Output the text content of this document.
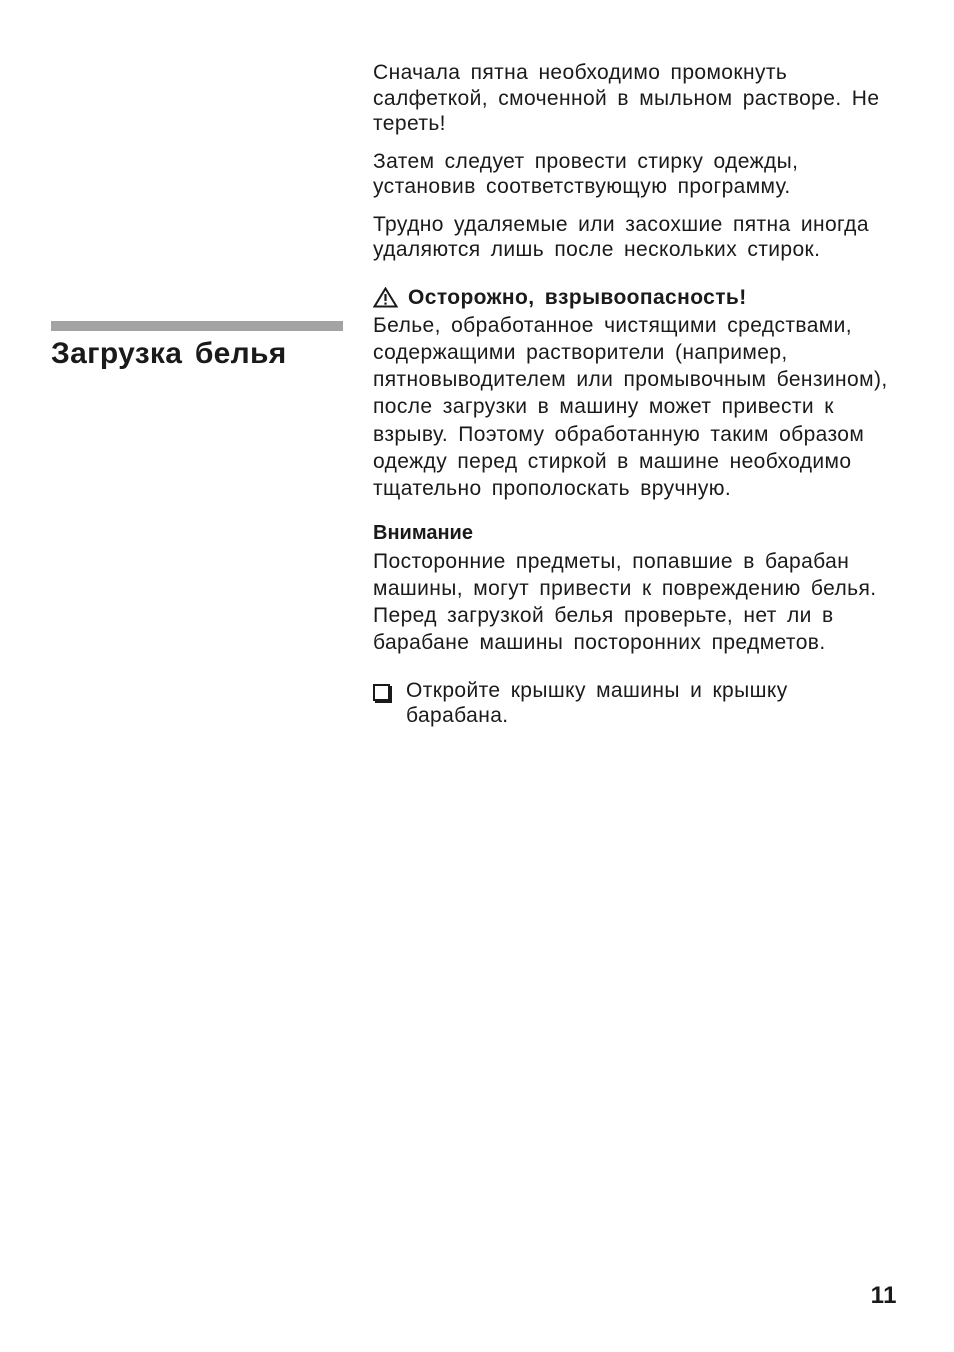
Сначала пятна необходимо промокнуть салфеткой, смоченной в мыльном растворе. Не тереть!

Затем следует провести стирку одежды, установив соответствующую программу.

Трудно удаляемые или засохшие пятна иногда удаляются лишь после нескольких стирок.

Осторожно, взрывоопасность!
Белье, обработанное чистящими средствами, содержащими растворители (например, пятновыводителем или промывочным бензином), после загрузки в машину может привести к взрыву. Поэтому обработанную таким образом одежду перед стиркой в машине необходимо тщательно прополоскать вручную.
Внимание
Посторонние предметы, попавшие в барабан машины, могут привести к повреждению белья. Перед загрузкой белья проверьте, нет ли в барабане машины посторонних предметов.
Откройте крышку машины и крышку барабана.
Загрузка белья
11
